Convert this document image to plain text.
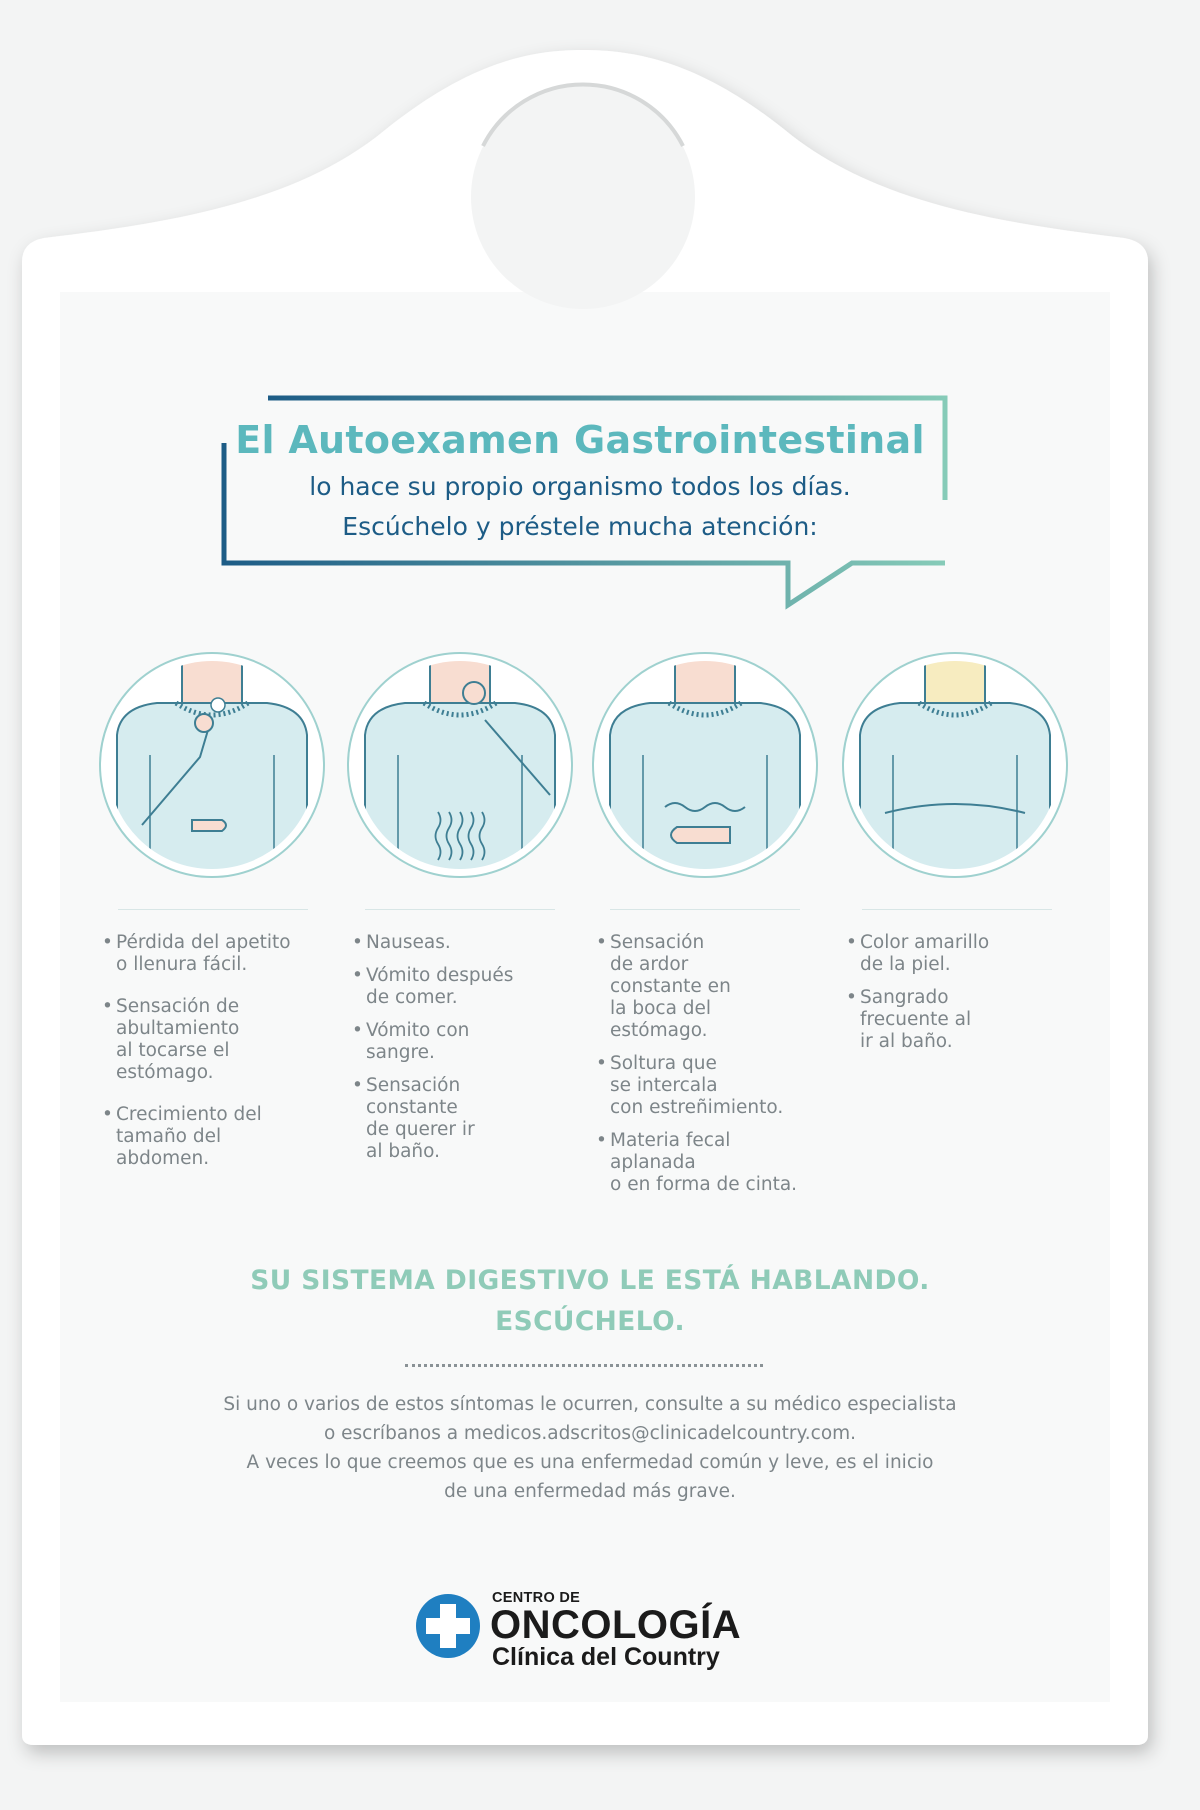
El Autoexamen Gastrointestinal
lo hace su propio organismo todos los días.
Escúchelo y préstele mucha atención:
• Pérdida del apetito
o llenura fácil.
• Sensación de
abultamiento
al tocarse el
estómago.
• Crecimiento del
tamaño del
abdomen.
• Nauseas.
• Vómito después
de comer.
• Vómito con
sangre.
• Sensación
constante
de querer ir
al baño.
• Sensación
de ardor
constante en
la boca del
estómago.
• Soltura que
se intercala
con estreñimiento.
• Materia fecal
aplanada
o en forma de cinta.
• Color amarillo
de la piel.
• Sangrado
frecuente al
ir al baño.
SU SISTEMA DIGESTIVO LE ESTÁ HABLANDO.
ESCÚCHELO.
Si uno o varios de estos síntomas le ocurren, consulte a su médico especialista
o escríbanos a medicos.adscritos@clinicadelcountry.com.
A veces lo que creemos que es una enfermedad común y leve, es el inicio
de una enfermedad más grave.
CENTRO DE
ONCOLOGÍA
Clínica del Country
